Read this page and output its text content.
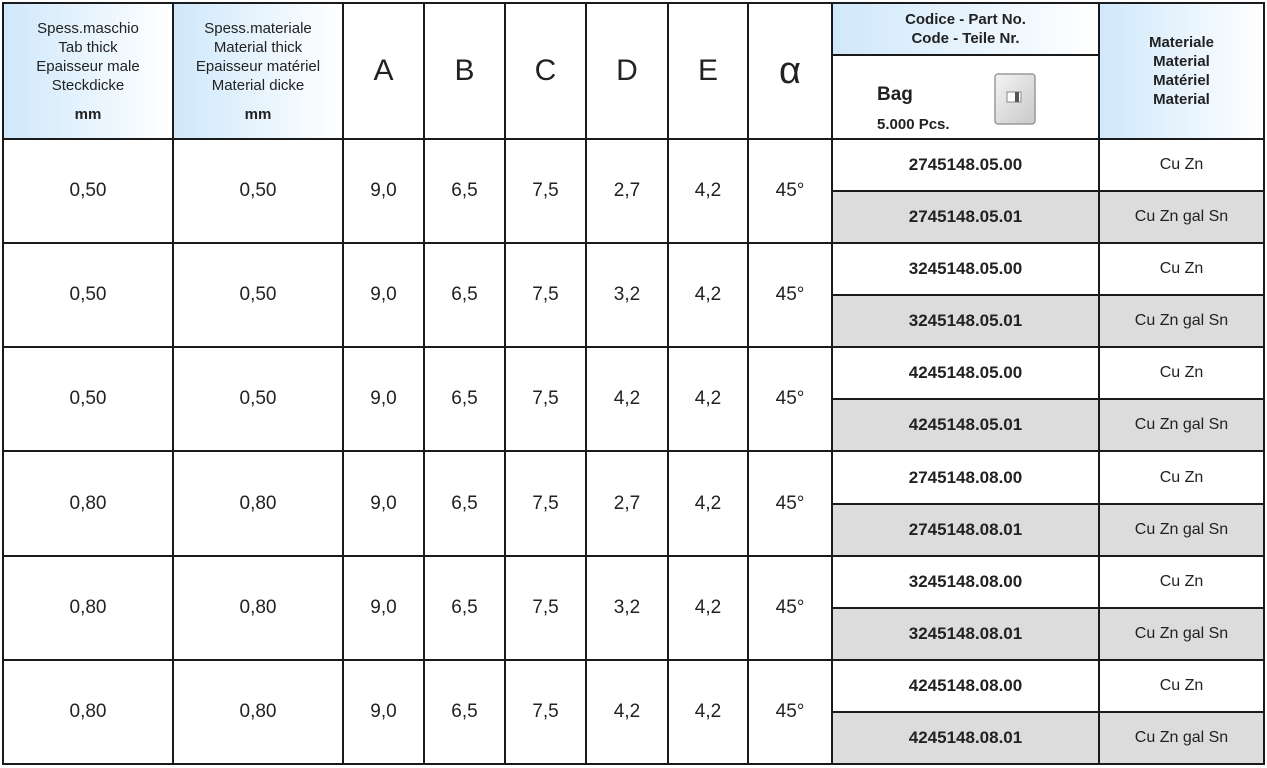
Spess.maschio
Tab thick
Epaisseur male
Steckdicke
mm	Spess.materiale
Material thick
Epaisseur matériel
Material dicke
mm	A	B	C	D	E	α	Codice - Part No.
Code - Teile Nr.	Materiale
Material
Matériel
Material

								Bag
5.000 Pcs.	

0,50	0,50	9,0	6,5	7,5	2,7	4,2	45°	2745148.05.00	Cu Zn
								2745148.05.01	Cu Zn gal Sn
0,50	0,50	9,0	6,5	7,5	3,2	4,2	45°	3245148.05.00	Cu Zn
								3245148.05.01	Cu Zn gal Sn
0,50	0,50	9,0	6,5	7,5	4,2	4,2	45°	4245148.05.00	Cu Zn
								4245148.05.01	Cu Zn gal Sn
0,80	0,80	9,0	6,5	7,5	2,7	4,2	45°	2745148.08.00	Cu Zn
								2745148.08.01	Cu Zn gal Sn
0,80	0,80	9,0	6,5	7,5	3,2	4,2	45°	3245148.08.00	Cu Zn
								3245148.08.01	Cu Zn gal Sn
0,80	0,80	9,0	6,5	7,5	4,2	4,2	45°	4245148.08.00	Cu Zn
								4245148.08.01	Cu Zn gal Sn
